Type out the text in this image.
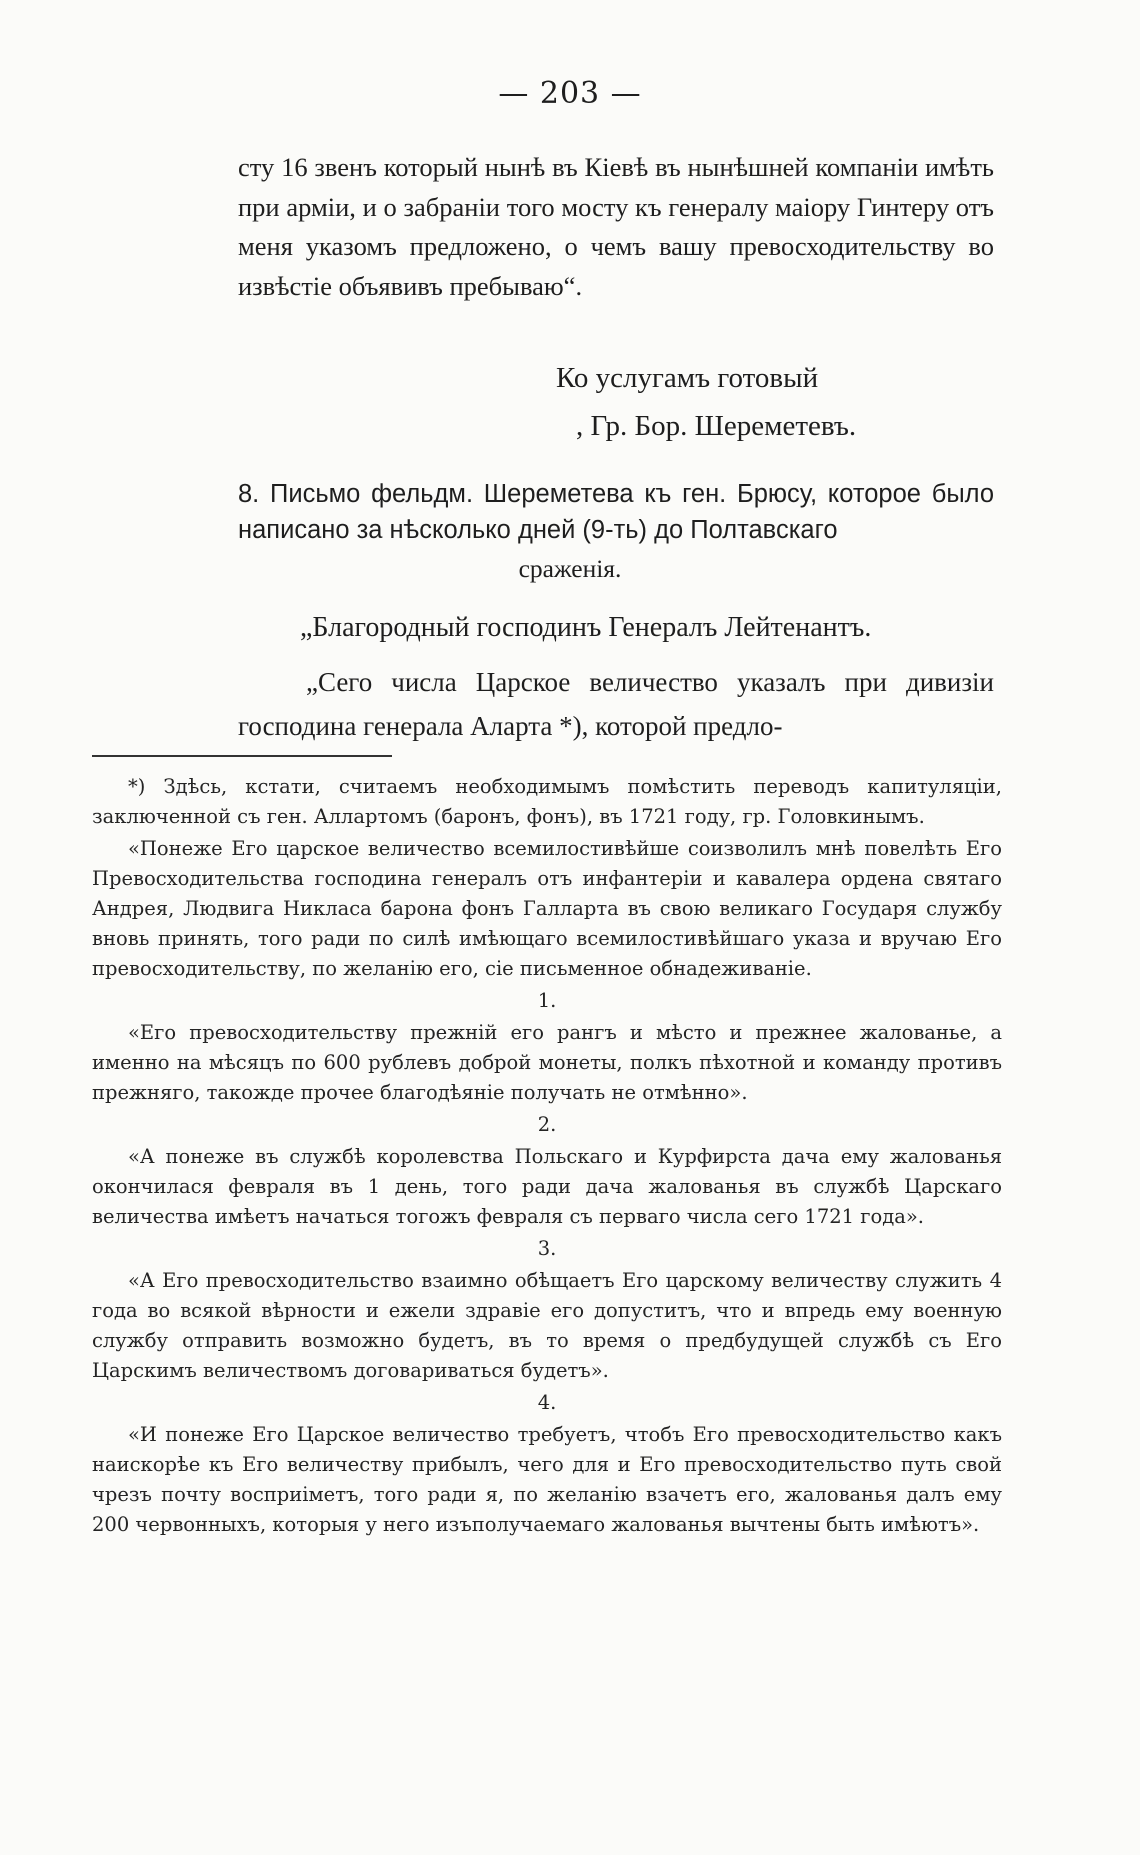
— 203 —

сту 16 звенъ который нынѣ въ Кiевѣ въ нынѣшней компанiи имѣть при армiи, и о забранiи того мосту къ генералу маiору Гинтеру отъ меня указомъ предложено, о чемъ вашу превосходительству во извѣстiе объявивъ пребываю“.

Ко услугамъ готовый
, Гр. Бор. Шереметевъ.
8. Письмо фельдм. Шереметева къ ген. Брюсу, которое было написано за нѣсколько дней (9-ть) до Полтавскаго
сраженiя.
„Благородный господинъ Генералъ Лейтенантъ.

„Сего числа Царское величество указалъ при дивизiи господина генерала Аларта *), которой предло-

*) Здѣсь, кстати, считаемъ необходимымъ помѣстить переводъ капитуляцiи, заключенной съ ген. Аллартомъ (баронъ, фонъ), въ 1721 году, гр. Головкинымъ.

«Понеже Его царское величество всемилостивѣйше соизволилъ мнѣ повелѣть Его Превосходительства господина генералъ отъ инфантерiи и кавалера ордена святаго Андрея, Людвига Никласа барона фонъ Галларта въ свою великаго Государя службу вновь принять, того ради по силѣ имѣющаго всемилостивѣйшаго указа и вручаю Его превосходительству, по желанiю его, сiе письменное обнадеживанiе.

1.

«Его превосходительству прежнiй его рангъ и мѣсто и прежнее жалованье, а именно на мѣсяцъ по 600 рублевъ доброй монеты, полкъ пѣхотной и команду противъ прежняго, такожде прочее благодѣянiе получать не отмѣнно».

2.

«А понеже въ службѣ королевства Польскаго и Курфирста дача ему жалованья окончилася февраля въ 1 день, того ради дача жалованья въ службѣ Царскаго величества имѣетъ начаться тогожъ февраля съ перваго числа сего 1721 года».

3.

«А Его превосходительство взаимно обѣщаетъ Его царскому величеству служить 4 года во всякой вѣрности и ежели здравiе его допуститъ, что и впредь ему военную службу отправить возможно будетъ, въ то время о предбудущей службѣ съ Его Царскимъ величествомъ договариваться будетъ».

4.

«И понеже Его Царское величество требуетъ, чтобъ Его превосходительство какъ наискорѣе къ Его величеству прибылъ, чего для и Его превосходительство путь свой чрезъ почту восприiметъ, того ради я, по желанiю взачетъ его, жалованья далъ ему 200 червонныхъ, которыя у него изъполучаемаго жалованья вычтены быть имѣютъ».
